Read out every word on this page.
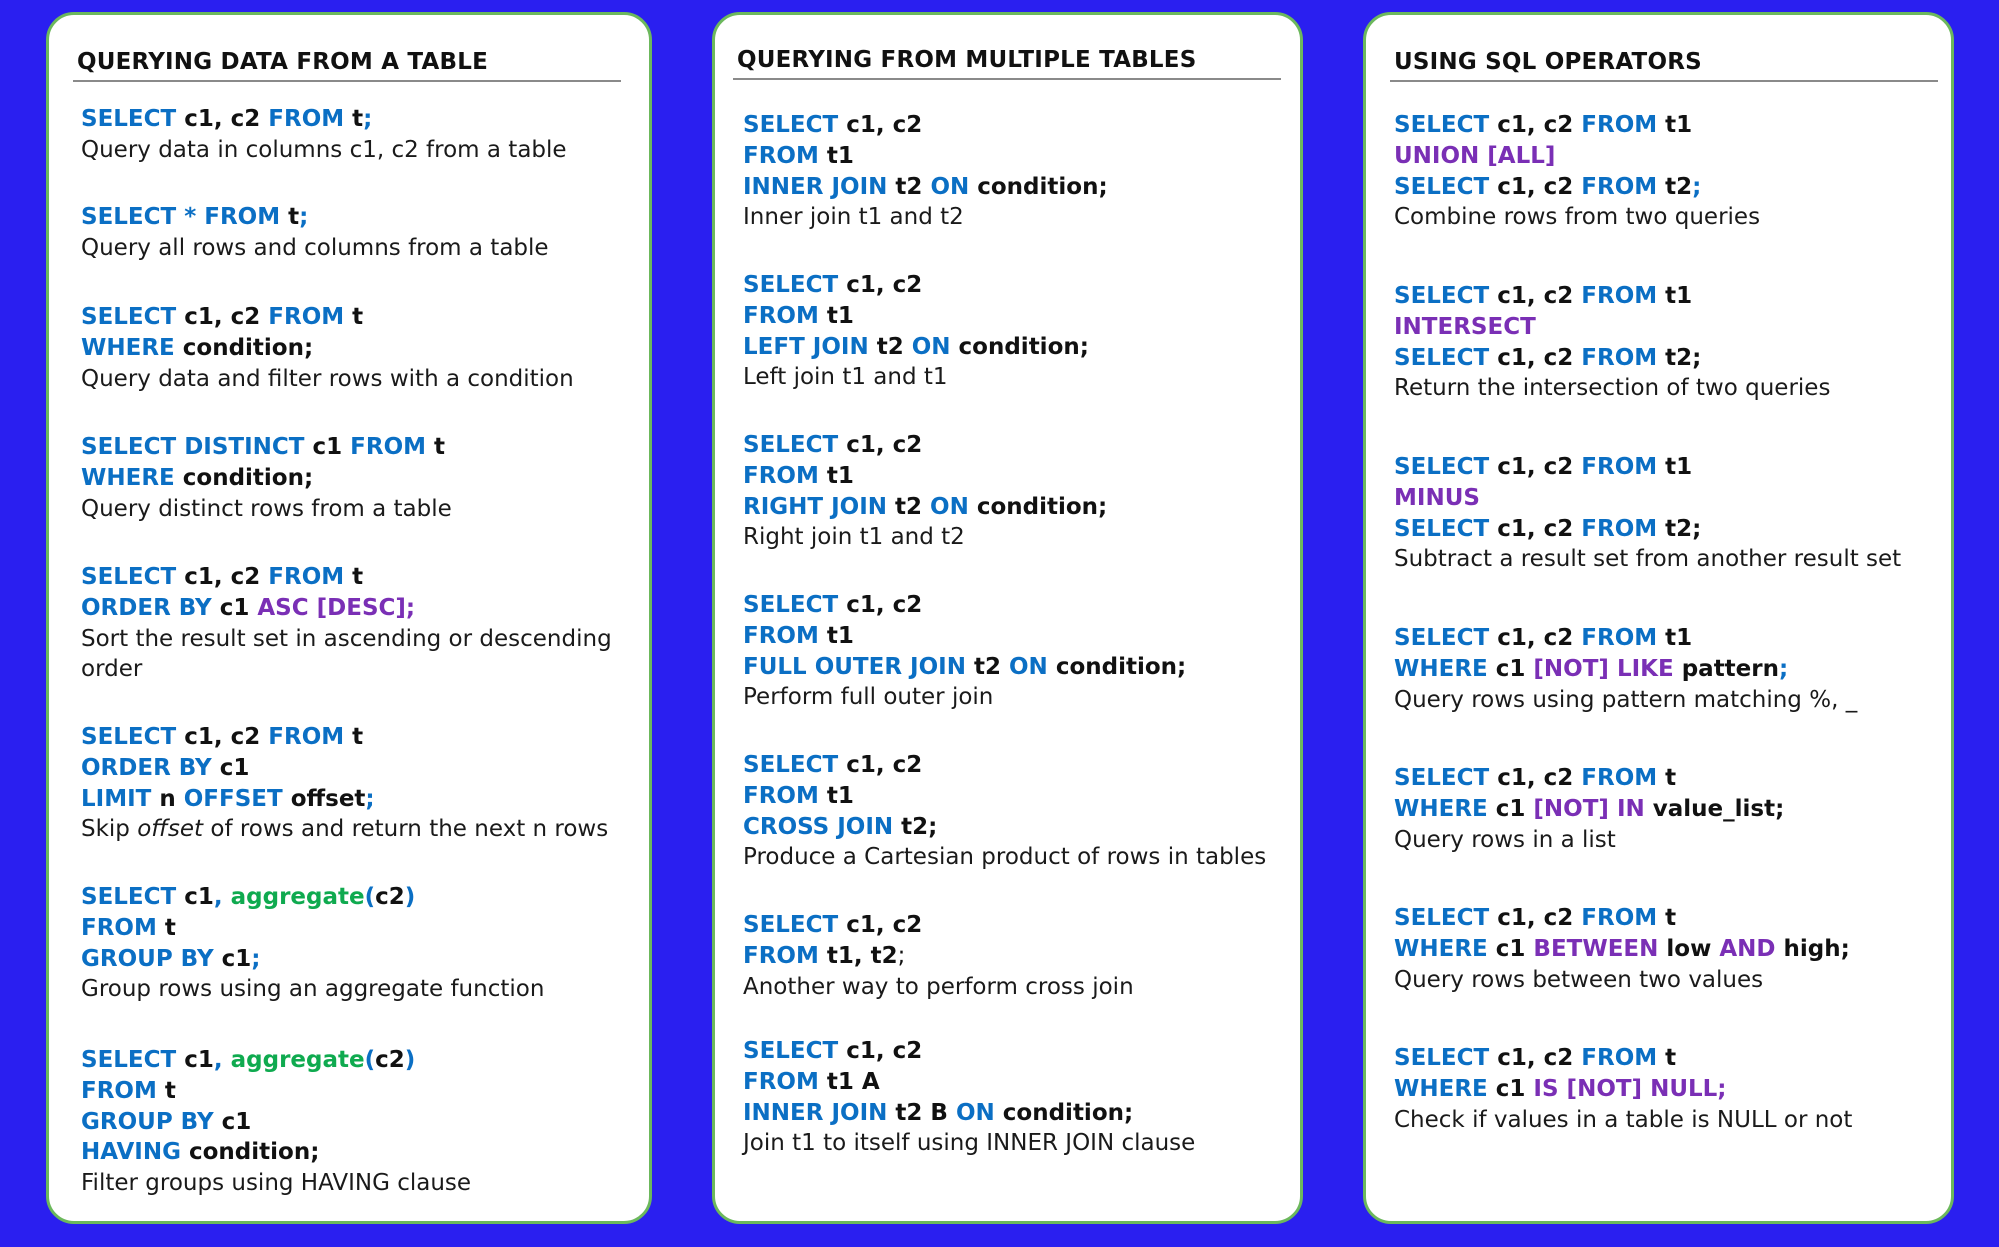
QUERYING DATA FROM A TABLE
SELECT c1, c2 FROM t;
Query data in columns c1, c2 from a table
SELECT * FROM t;
Query all rows and columns from a table
SELECT c1, c2 FROM t
WHERE condition;
Query data and filter rows with a condition
SELECT DISTINCT c1 FROM t
WHERE condition;
Query distinct rows from a table
SELECT c1, c2 FROM t
ORDER BY c1 ASC [DESC];
Sort the result set in ascending or descending order
SELECT c1, c2 FROM t
ORDER BY c1
LIMIT n OFFSET offset;
Skip offset of rows and return the next n rows
SELECT c1, aggregate(c2)
FROM t
GROUP BY c1;
Group rows using an aggregate function
SELECT c1, aggregate(c2)
FROM t
GROUP BY c1
HAVING condition;
Filter groups using HAVING clause
QUERYING FROM MULTIPLE TABLES
SELECT c1, c2
FROM t1
INNER JOIN t2 ON condition;
Inner join t1 and t2
SELECT c1, c2
FROM t1
LEFT JOIN t2 ON condition;
Left join t1 and t1
SELECT c1, c2
FROM t1
RIGHT JOIN t2 ON condition;
Right join t1 and t2
SELECT c1, c2
FROM t1
FULL OUTER JOIN t2 ON condition;
Perform full outer join
SELECT c1, c2
FROM t1
CROSS JOIN t2;
Produce a Cartesian product of rows in tables
SELECT c1, c2
FROM t1, t2;
Another way to perform cross join
SELECT c1, c2
FROM t1 A
INNER JOIN t2 B ON condition;
Join t1 to itself using INNER JOIN clause
USING SQL OPERATORS
SELECT c1, c2 FROM t1
UNION [ALL]
SELECT c1, c2 FROM t2;
Combine rows from two queries
SELECT c1, c2 FROM t1
INTERSECT
SELECT c1, c2 FROM t2;
Return the intersection of two queries
SELECT c1, c2 FROM t1
MINUS
SELECT c1, c2 FROM t2;
Subtract a result set from another result set
SELECT c1, c2 FROM t1
WHERE c1 [NOT] LIKE pattern;
Query rows using pattern matching %, _
SELECT c1, c2 FROM t
WHERE c1 [NOT] IN value_list;
Query rows in a list
SELECT c1, c2 FROM t
WHERE c1 BETWEEN low AND high;
Query rows between two values
SELECT c1, c2 FROM t
WHERE c1 IS [NOT] NULL;
Check if values in a table is NULL or not
